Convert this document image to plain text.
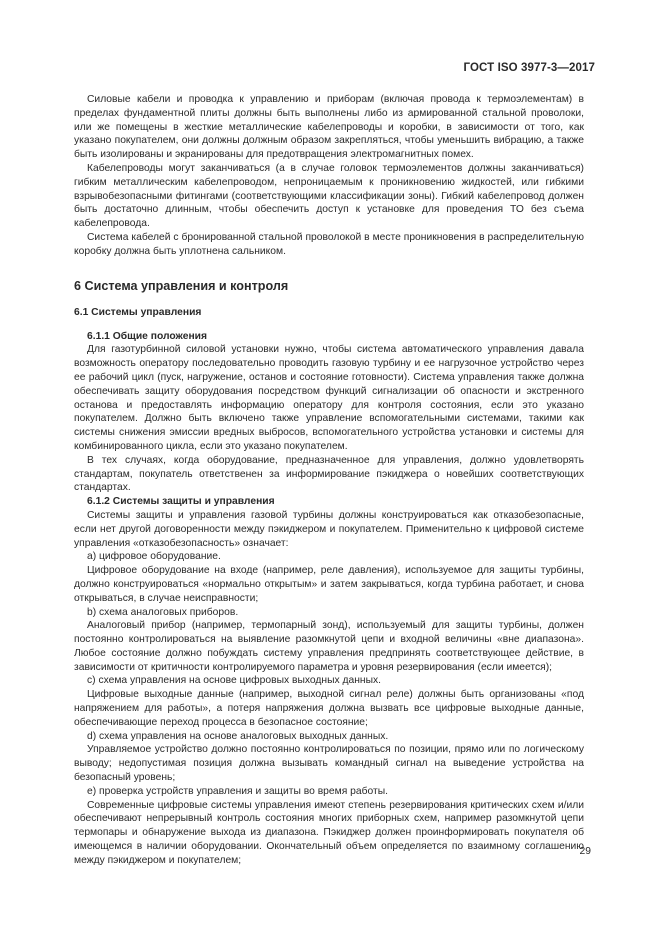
ГОСТ ISO 3977-3—2017

Силовые кабели и проводка к управлению и приборам (включая провода к термоэлементам) в пределах фундаментной плиты должны быть выполнены либо из армированной стальной проволоки, или же помещены в жесткие металлические кабелепроводы и коробки, в зависимости от того, как указано покупателем, они должны должным образом закрепляться, чтобы уменьшить вибрацию, а также быть изолированы и экранированы для предотвращения электромагнитных помех.

Кабелепроводы могут заканчиваться (а в случае головок термоэлементов должны заканчиваться) гибким металлическим кабелепроводом, непроницаемым к проникновению жидкостей, или гибкими взрывобезопасными фитингами (соответствующими классификации зоны). Гибкий кабелепровод должен быть достаточно длинным, чтобы обеспечить доступ к установке для проведения ТО без съема кабелепровода.

Система кабелей с бронированной стальной проволокой в месте проникновения в распределительную коробку должна быть уплотнена сальником.

6 Система управления и контроля
6.1 Системы управления
6.1.1 Общие положения

Для газотурбинной силовой установки нужно, чтобы система автоматического управления давала возможность оператору последовательно проводить газовую турбину и ее нагрузочное устройство через ее рабочий цикл (пуск, нагружение, останов и состояние готовности). Система управления также должна обеспечивать защиту оборудования посредством функций сигнализации об опасности и экстренного останова и предоставлять информацию оператору для контроля состояния, если это указано покупателем. Должно быть включено также управление вспомогательными системами, такими как системы снижения эмиссии вредных выбросов, вспомогательного устройства установки и системы для комбинированного цикла, если это указано покупателем.

В тех случаях, когда оборудование, предназначенное для управления, должно удовлетворять стандартам, покупатель ответственен за информирование пэкиджера о новейших соответствующих стандартах.

6.1.2 Системы защиты и управления

Системы защиты и управления газовой турбины должны конструироваться как отказобезопасные, если нет другой договоренности между пэкиджером и покупателем. Применительно к цифровой системе управления «отказобезопасность» означает:

а) цифровое оборудование.

Цифровое оборудование на входе (например, реле давления), используемое для защиты турбины, должно конструироваться «нормально открытым» и затем закрываться, когда турбина работает, и снова открываться, в случае неисправности;

b) схема аналоговых приборов.

Аналоговый прибор (например, термопарный зонд), используемый для защиты турбины, должен постоянно контролироваться на выявление разомкнутой цепи и входной величины «вне диапазона». Любое состояние должно побуждать систему управления предпринять соответствующее действие, в зависимости от критичности контролируемого параметра и уровня резервирования (если имеется);

с) схема управления на основе цифровых выходных данных.

Цифровые выходные данные (например, выходной сигнал реле) должны быть организованы «под напряжением для работы», а потеря напряжения должна вызвать все цифровые выходные данные, обеспечивающие переход процесса в безопасное состояние;

d) схема управления на основе аналоговых выходных данных.

Управляемое устройство должно постоянно контролироваться по позиции, прямо или по логическому выводу; недопустимая позиция должна вызывать командный сигнал на выведение устройства на безопасный уровень;

е) проверка устройств управления и защиты во время работы.

Современные цифровые системы управления имеют степень резервирования критических схем и/или обеспечивают непрерывный контроль состояния многих приборных схем, например разомкнутой цепи термопары и обнаружение выхода из диапазона. Пэкиджер должен проинформировать покупателя об имеющемся в наличии оборудовании. Окончательный объем определяется по взаимному соглашению между пэкиджером и покупателем;

29
